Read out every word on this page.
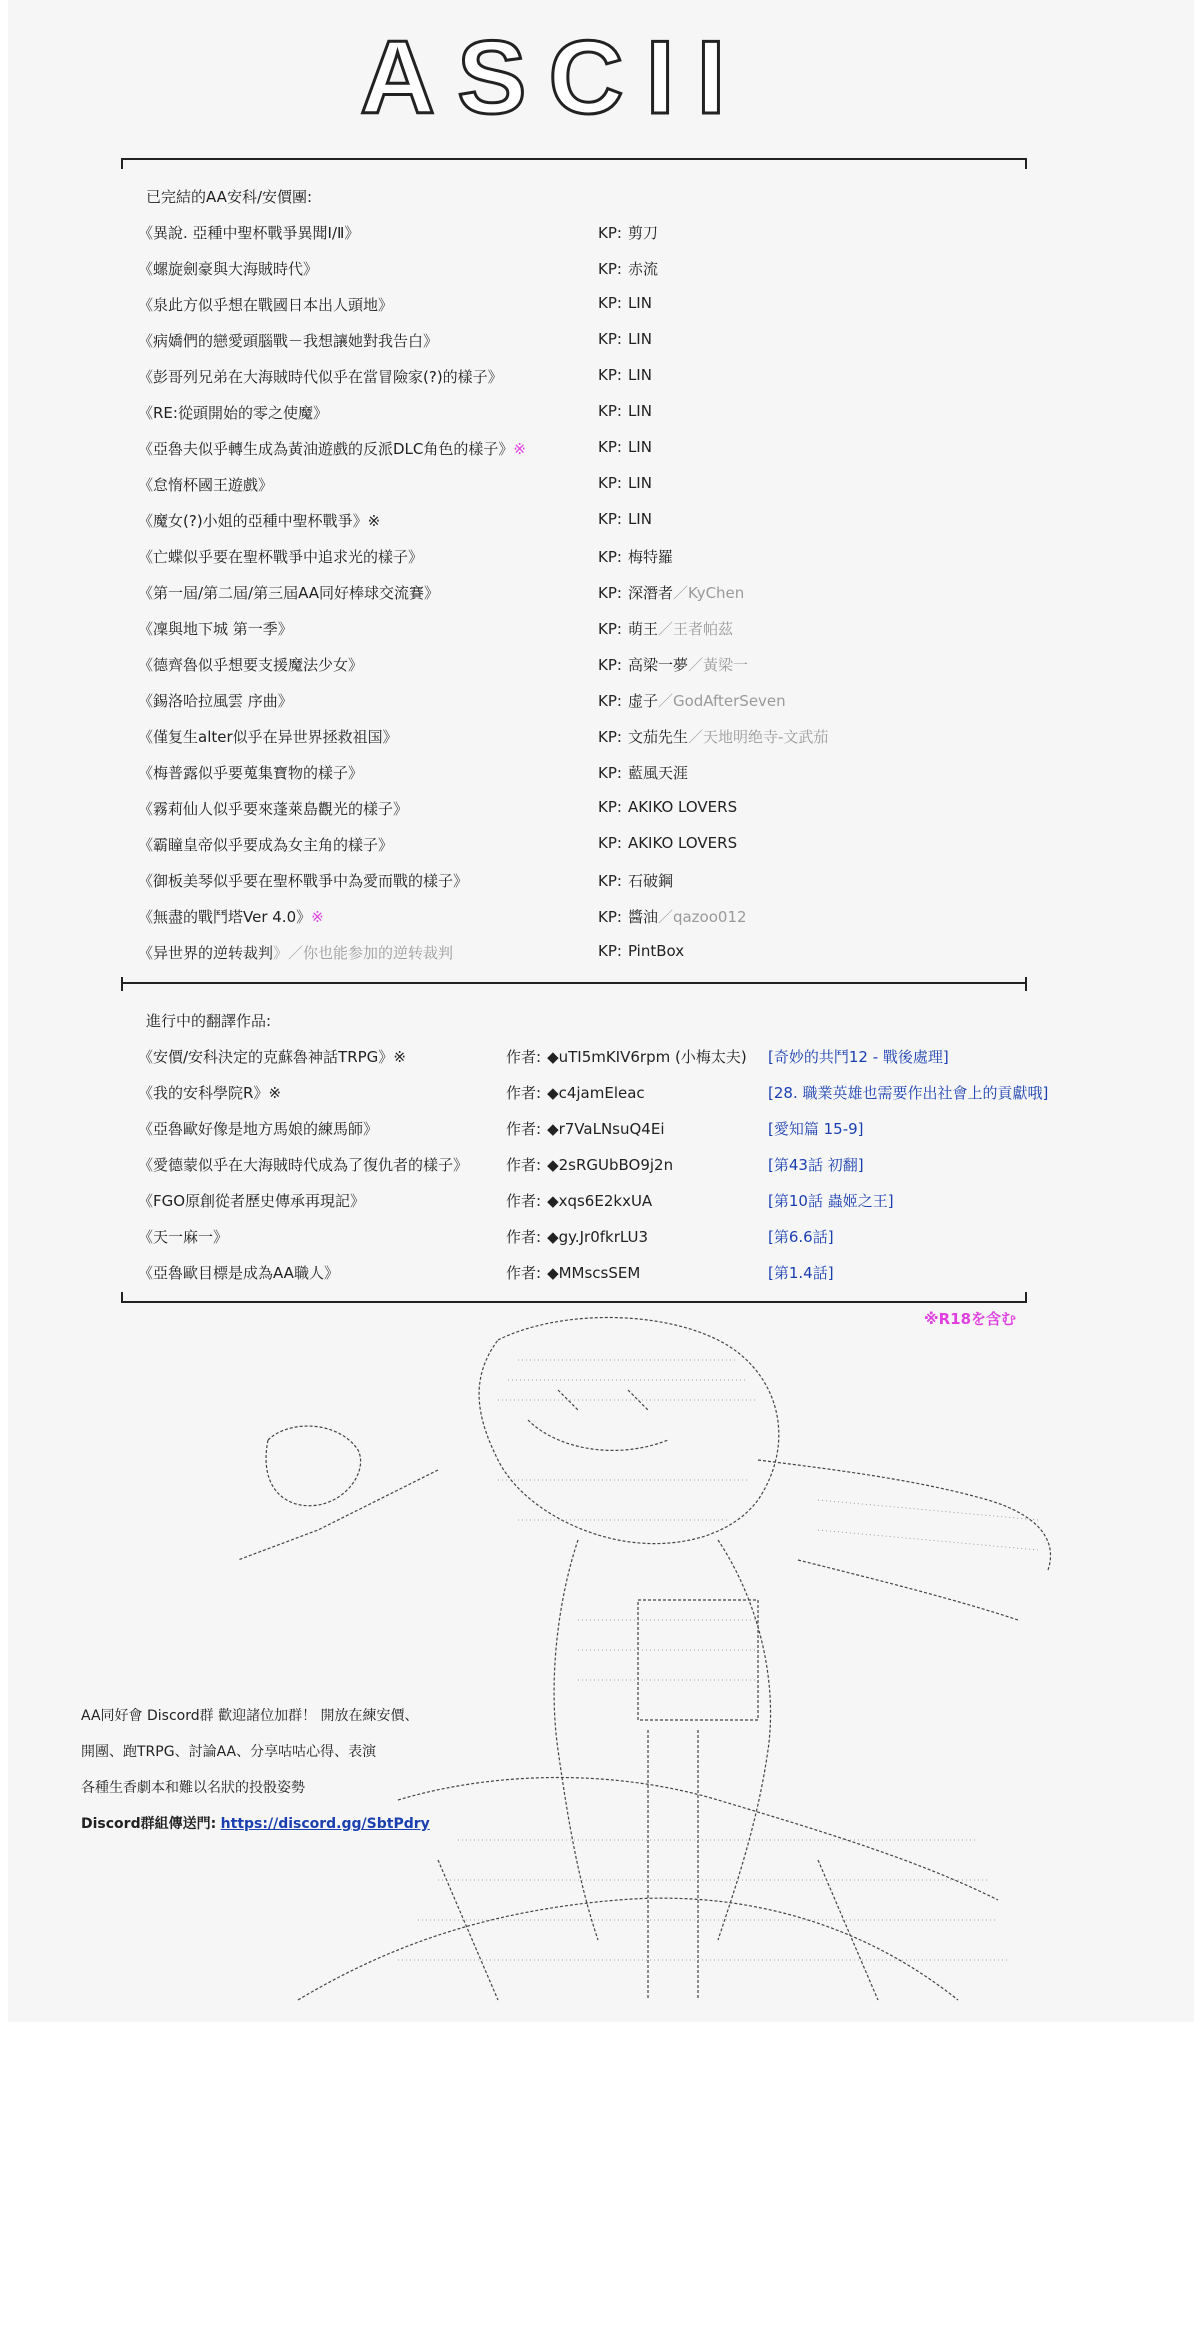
ASCII
已完結的AA安科/安價團:
《異說. 亞種中聖杯戰爭異聞Ⅰ/Ⅱ》	KP: 剪刀
《螺旋劍豪與大海賊時代》	KP: 赤流
《泉此方似乎想在戰國日本出人頭地》	KP: LIN
《病嬌們的戀愛頭腦戰－我想讓她對我告白》	KP: LIN
《彭哥列兄弟在大海賊時代似乎在當冒險家(?)的樣子》	KP: LIN
《RE:從頭開始的零之使魔》	KP: LIN
《亞魯夫似乎轉生成為黃油遊戲的反派DLC角色的樣子》※	KP: LIN
《怠惰杯國王遊戲》	KP: LIN
《魔女(?)小姐的亞種中聖杯戰爭》※	KP: LIN
《亡蝶似乎要在聖杯戰爭中追求光的樣子》	KP: 梅特羅
《第一屆/第二屆/第三屆AA同好棒球交流賽》	KP: 深潛者／KyChen
《凜與地下城 第一季》	KP: 萌王／王者帕茲
《德齊魯似乎想要支援魔法少女》	KP: 高梁一夢／黃梁一
《錫洛哈拉風雲 序曲》	KP: 虚子／GodAfterSeven
《僅复生alter似乎在异世界拯救祖国》	KP: 文茄先生／天地明绝寺-文武茄
《梅普露似乎要蒐集寶物的樣子》	KP: 藍風天涯
《霧莉仙人似乎要來蓬萊島觀光的樣子》	KP: AKIKO LOVERS
《霸瞳皇帝似乎要成為女主角的樣子》	KP: AKIKO LOVERS
《御板美琴似乎要在聖杯戰爭中為愛而戰的樣子》	KP: 石破鋼
《無盡的戰鬥塔Ver 4.0》※	KP: 醬油／qazoo012
《异世界的逆转裁判》／你也能参加的逆转裁判	KP: PintBox
進行中的翻譯作品:
《安價/安科決定的克蘇魯神話TRPG》※	作者: ◆uTI5mKIV6rpm (小梅太夫) [奇妙的共鬥12 - 戰後處理]
《我的安科學院R》※	作者: ◆c4jamEleac	[28. 職業英雄也需要作出社會上的貢獻哦]
《亞魯歐好像是地方馬娘的練馬師》	作者: ◆r7VaLNsuQ4Ei	[愛知篇 15-9]
《愛德蒙似乎在大海賊時代成為了復仇者的樣子》	作者: ◆2sRGUbBO9j2n	[第43話 初翻]
《FGO原創從者歷史傳承再現記》	作者: ◆xqs6E2kxUA	[第10話 蟲姬之王]
《天一麻一》	作者: ◆gy.Jr0fkrLU3	[第6.6話]
《亞魯歐目標是成為AA職人》	作者: ◆MMscsSEM	[第1.4話]
※R18を含む
AA同好會 Discord群 歡迎諸位加群！ 開放在練安價、
開團、跑TRPG、討論AA、分享咕咕心得、表演
各種生香劇本和難以名狀的投骰姿勢
Discord群組傳送門: https://discord.gg/SbtPdry
